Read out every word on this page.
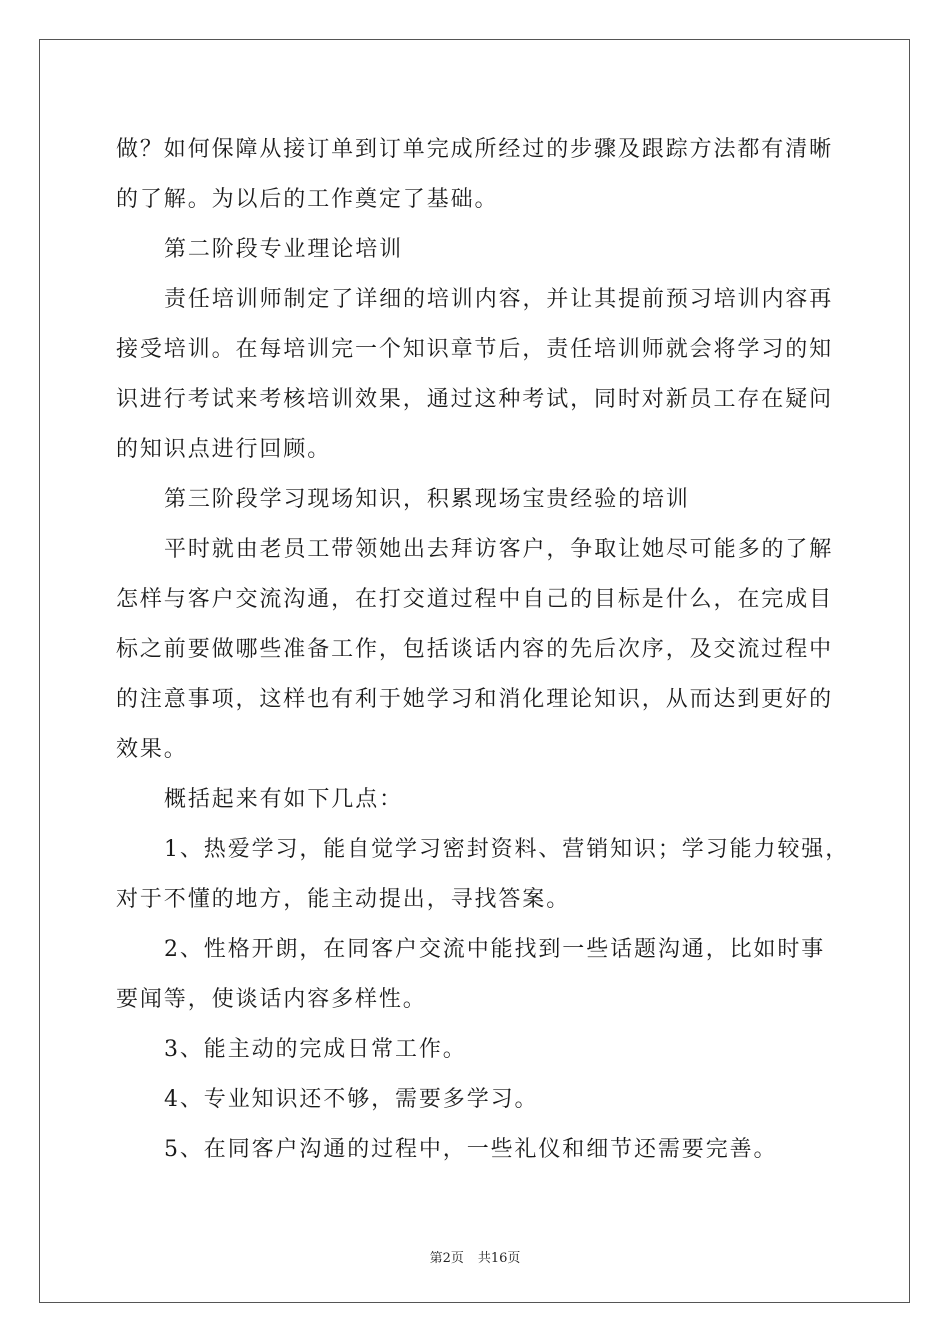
做？如何保障从接订单到订单完成所经过的步骤及跟踪方法都有清晰
的了解。为以后的工作奠定了基础。
第二阶段专业理论培训
责任培训师制定了详细的培训内容，并让其提前预习培训内容再
接受培训。在每培训完一个知识章节后，责任培训师就会将学习的知
识进行考试来考核培训效果，通过这种考试，同时对新员工存在疑问
的知识点进行回顾。
第三阶段学习现场知识，积累现场宝贵经验的培训
平时就由老员工带领她出去拜访客户，争取让她尽可能多的了解
怎样与客户交流沟通，在打交道过程中自己的目标是什么，在完成目
标之前要做哪些准备工作，包括谈话内容的先后次序，及交流过程中
的注意事项，这样也有利于她学习和消化理论知识，从而达到更好的
效果。
概括起来有如下几点：
1、热爱学习，能自觉学习密封资料、营销知识；学习能力较强，
对于不懂的地方，能主动提出，寻找答案。
2、性格开朗，在同客户交流中能找到一些话题沟通，比如时事
要闻等，使谈话内容多样性。
3、能主动的完成日常工作。
4、专业知识还不够，需要多学习。
5、在同客户沟通的过程中，一些礼仪和细节还需要完善。
第2页 共16页
